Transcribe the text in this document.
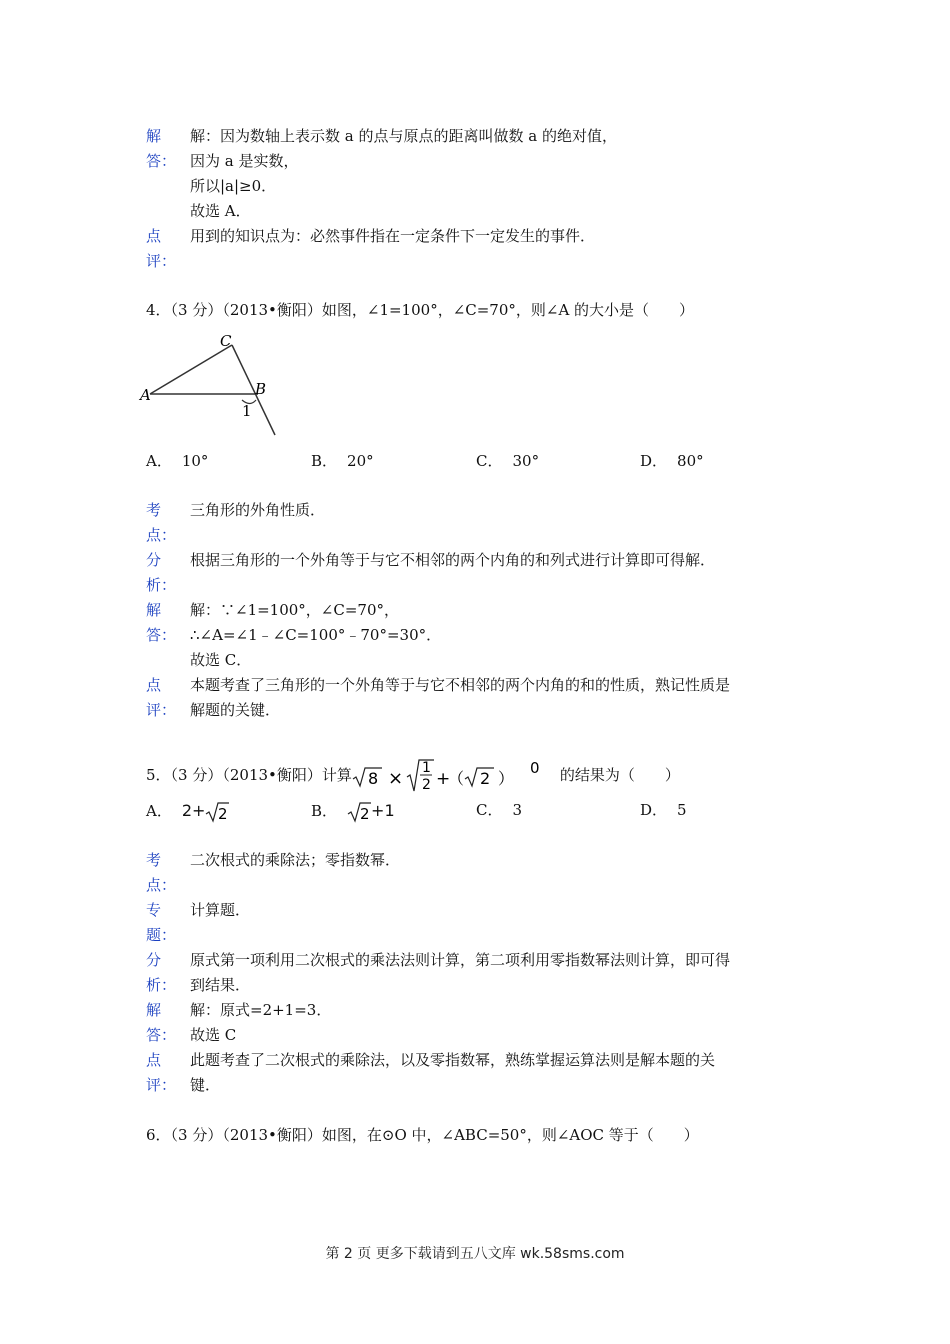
解	解：因为数轴上表示数 a 的点与原点的距离叫做数 a 的绝对值，
答： 因为 a 是实数，
所以|a|≥0．
故选 A．
点	用到的知识点为：必然事件指在一定条件下一定发生的事件．
评：
4．（3 分）（2013•衡阳）如图，∠1=100°，∠C=70°，则∠A 的大小是（　　）
A
C
B
1
A． 10°	B． 20°	C． 30°	D． 80°
考	三角形的外角性质．
点：
分	根据三角形的一个外角等于与它不相邻的两个内角的和列式进行计算即可得解．
析：
解	解：∵∠1=100°，∠C=70°，
答： ∴∠A=∠1﹣∠C=100°﹣70°=30°．
故选 C．
点	本题考查了三角形的一个外角等于与它不相邻的两个内角的和的性质，熟记性质是
评： 解题的关键．
5．（3 分）（2013•衡阳）计算 8 × 1
2 +
（ 2 ）
0 的结果为（　　）
A． 2+ 2	B． 2 +1	C． 3	D． 5
考	二次根式的乘除法；零指数幂．
点：
专	计算题．
题：
分	原式第一项利用二次根式的乘法法则计算，第二项利用零指数幂法则计算，即可得
析： 到结果．
解	解：原式=2+1=3．
答： 故选 C
点	此题考查了二次根式的乘除法，以及零指数幂，熟练掌握运算法则是解本题的关
评： 键．
6．（3 分）（2013•衡阳）如图，在⊙O 中，∠ABC=50°，则∠AOC 等于（　　）
第 2 页 更多下载请到五八文库 wk.58sms.com
